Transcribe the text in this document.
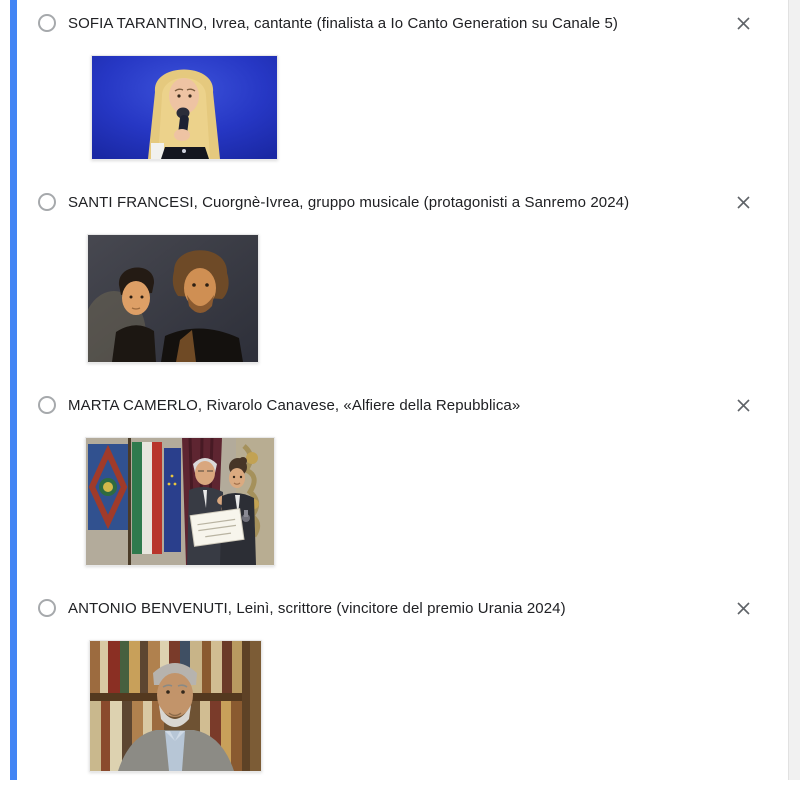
SOFIA TARANTINO, Ivrea, cantante (finalista a Io Canto Generation su Canale 5)
SANTI FRANCESI, Cuorgnè-Ivrea, gruppo musicale (protagonisti a Sanremo 2024)
MARTA CAMERLO, Rivarolo Canavese, «Alfiere della Repubblica»
ANTONIO BENVENUTI, Leinì, scrittore (vincitore del premio Urania 2024)
